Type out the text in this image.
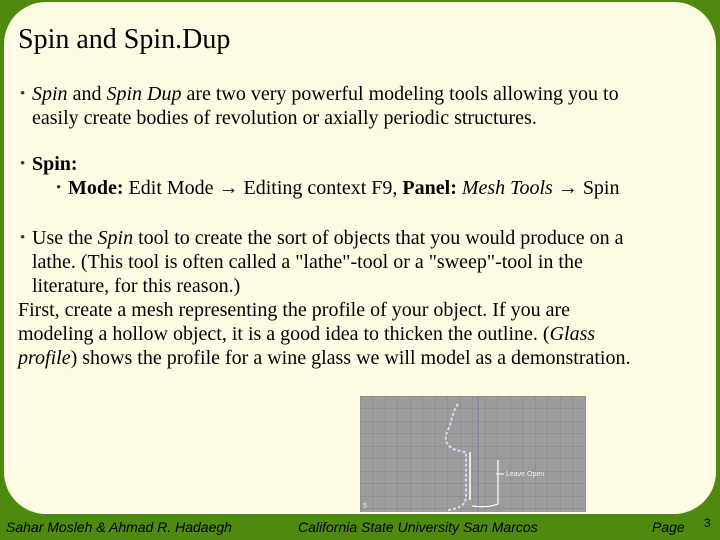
Spin and Spin.Dup
• Spin and Spin Dup are two very powerful modeling tools allowing you to
easily create bodies of revolution or axially periodic structures.
• Spin:
• Mode: Edit Mode → Editing context F9, Panel: Mesh Tools → Spin
• Use the Spin tool to create the sort of objects that you would produce on a
lathe. (This tool is often called a "lathe"-tool or a "sweep"-tool in the
literature, for this reason.)
First, create a mesh representing the profile of your object. If you are
modeling a hollow object, it is a good idea to thicken the outline. (Glass
profile) shows the profile for a wine glass we will model as a demonstration.
Leave Open
5
Sahar Mosleh & Ahmad R. Hadaegh	California State University San Marcos	Page 3
